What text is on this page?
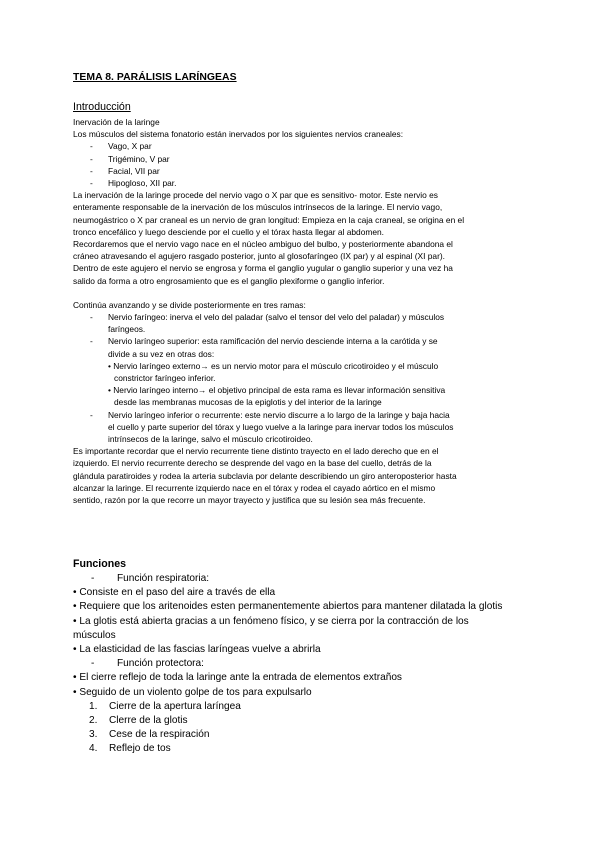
TEMA 8. PARÁLISIS LARÍNGEAS
Introducción
Inervación de la laringe
Los músculos del sistema fonatorio están inervados por los siguientes nervios craneales:
- Vago, X par
- Trigémino, V par
- Facial, VII par
- Hipogloso, XII par.
La inervación de la laringe procede del nervio vago o X par que es sensitivo- motor. Este nervio es
enteramente responsable de la inervación de los músculos intrínsecos de la laringe. El nervio vago,
neumogástrico o X par craneal es un nervio de gran longitud: Empieza en la caja craneal, se origina en el
tronco encefálico y luego desciende por el cuello y el tórax hasta llegar al abdomen.
Recordaremos que el nervio vago nace en el núcleo ambiguo del bulbo, y posteriormente abandona el
cráneo atravesando el agujero rasgado posterior, junto al glosofaríngeo (IX par) y al espinal (XI par).
Dentro de este agujero el nervio se engrosa y forma el ganglio yugular o ganglio superior y una vez ha
salido da forma a otro engrosamiento que es el ganglio plexiforme o ganglio inferior.
Continúa avanzando y se divide posteriormente en tres ramas:
- Nervio faríngeo: inerva el velo del paladar (salvo el tensor del velo del paladar) y músculos
faríngeos.
- Nervio laríngeo superior: esta ramificación del nervio desciende interna a la carótida y se
divide a su vez en otras dos:
• Nervio laríngeo externo→ es un nervio motor para el músculo cricotiroideo y el músculo
constrictor faríngeo inferior.
• Nervio laríngeo interno→ el objetivo principal de esta rama es llevar información sensitiva
desde las membranas mucosas de la epiglotis y del interior de la laringe
- Nervio laríngeo inferior o recurrente: este nervio discurre a lo largo de la laringe y baja hacia
el cuello y parte superior del tórax y luego vuelve a la laringe para inervar todos los músculos
intrínsecos de la laringe, salvo el músculo cricotiroideo.
Es importante recordar que el nervio recurrente tiene distinto trayecto en el lado derecho que en el
izquierdo. El nervio recurrente derecho se desprende del vago en la base del cuello, detrás de la
glándula paratiroides y rodea la arteria subclavia por delante describiendo un giro anteroposterior hasta
alcanzar la laringe. El recurrente izquierdo nace en el tórax y rodea el cayado aórtico en el mismo
sentido, razón por la que recorre un mayor trayecto y justifica que su lesión sea más frecuente.
Funciones
- Función respiratoria:
• Consiste en el paso del aire a través de ella
• Requiere que los aritenoides esten permanentemente abiertos para mantener dilatada la glotis
• La glotis está abierta gracias a un fenómeno físico, y se cierra por la contracción de los
músculos
• La elasticidad de las fascias laríngeas vuelve a abrirla
- Función protectora:
• El cierre reflejo de toda la laringe ante la entrada de elementos extraños
• Seguido de un violento golpe de tos para expulsarlo
1. Cierre de la apertura laríngea
2. Clerre de la glotis
3. Cese de la respiración
4. Reflejo de tos
